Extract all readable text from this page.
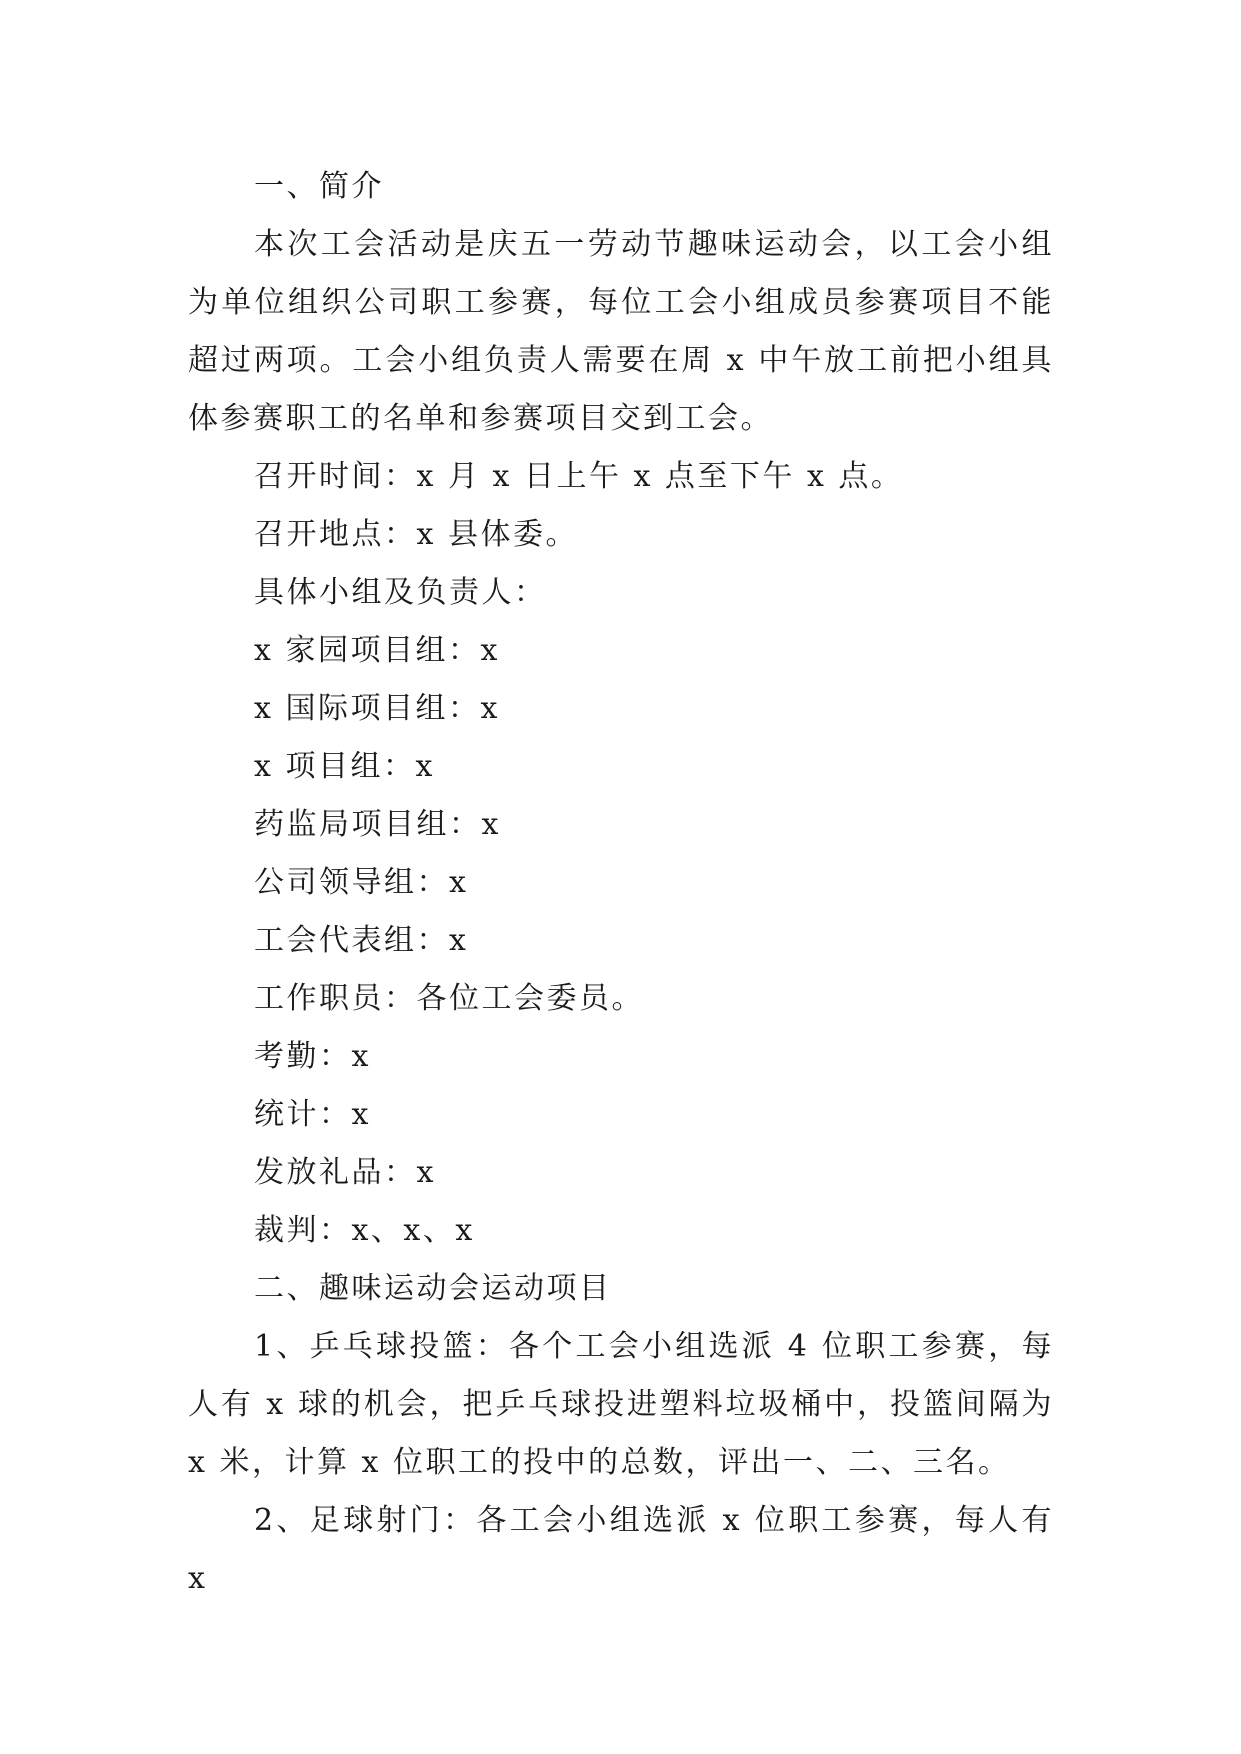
一、简介

本次工会活动是庆五一劳动节趣味运动会，以工会小组为单位组织公司职工参赛，每位工会小组成员参赛项目不能超过两项。工会小组负责人需要在周 x 中午放工前把小组具体参赛职工的名单和参赛项目交到工会。

召开时间：x 月 x 日上午 x 点至下午 x 点。

召开地点：x 县体委。

具体小组及负责人：

x 家园项目组：x

x 国际项目组：x

x 项目组：x

药监局项目组：x

公司领导组：x

工会代表组：x

工作职员：各位工会委员。

考勤：x

统计：x

发放礼品：x

裁判：x、x、x

二、趣味运动会运动项目

1、乒乓球投篮：各个工会小组选派 4 位职工参赛，每人有 x 球的机会，把乒乓球投进塑料垃圾桶中，投篮间隔为 x 米，计算 x 位职工的投中的总数，评出一、二、三名。

2、足球射门：各工会小组选派 x 位职工参赛，每人有 x
